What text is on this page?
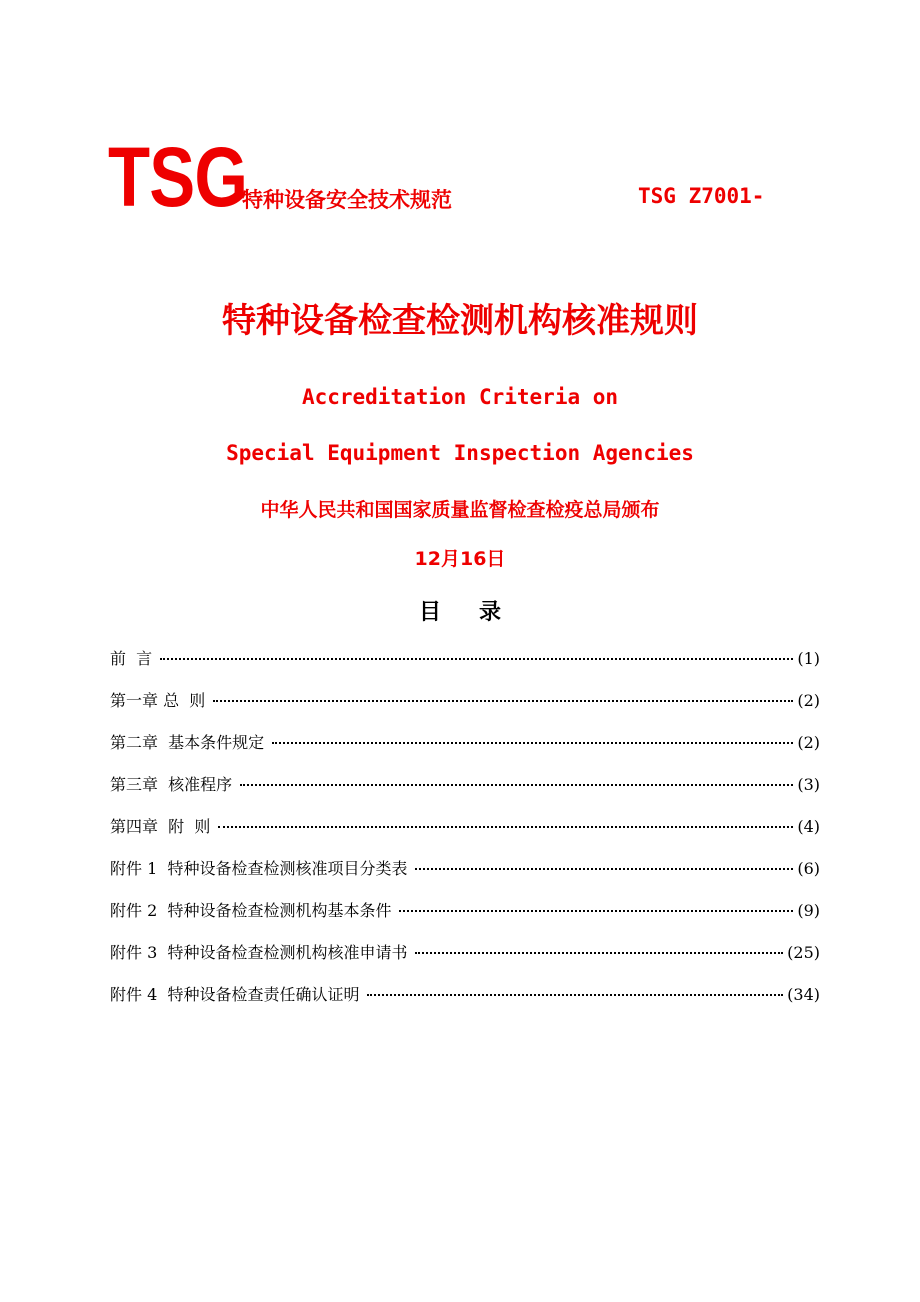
TSG
特种设备安全技术规范	TSG Z7001-
特种设备检查检测机构核准规则
Accreditation Criteria on
Special Equipment Inspection Agencies
中华人民共和国国家质量监督检查检疫总局颁布
12月16日
目录
前  言	(1)
第一章 总  则	(2)
第二章  基本条件规定	(2)
第三章  核准程序	(3)
第四章  附  则	(4)
附件 1  特种设备检查检测核准项目分类表	(6)
附件 2  特种设备检查检测机构基本条件	(9)
附件 3  特种设备检查检测机构核准申请书	(25)
附件 4  特种设备检查责任确认证明	(34)
